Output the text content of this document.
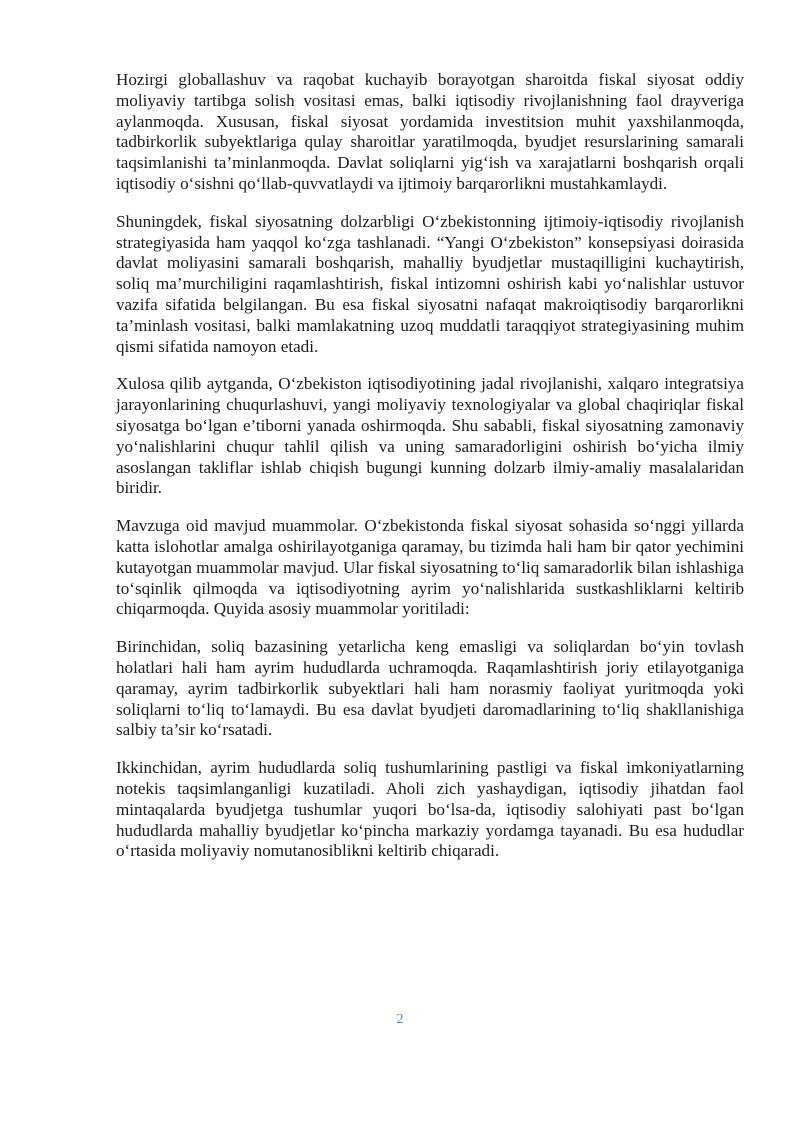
Hozirgi globallashuv va raqobat kuchayib borayotgan sharoitda fiskal siyosat oddiy moliyaviy tartibga solish vositasi emas, balki iqtisodiy rivojlanishning faol drayveriga aylanmoqda. Xususan, fiskal siyosat yordamida investitsion muhit yaxshilanmoqda, tadbirkorlik subyektlariga qulay sharoitlar yaratilmoqda, byudjet resurslarining samarali taqsimlanishi ta’minlanmoqda. Davlat soliqlarni yig‘ish va xarajatlarni boshqarish orqali iqtisodiy o‘sishni qo‘llab-quvvatlaydi va ijtimoiy barqarorlikni mustahkamlaydi.

Shuningdek, fiskal siyosatning dolzarbligi O‘zbekistonning ijtimoiy-iqtisodiy rivojlanish strategiyasida ham yaqqol ko‘zga tashlanadi. “Yangi O‘zbekiston” konsepsiyasi doirasida davlat moliyasini samarali boshqarish, mahalliy byudjetlar mustaqilligini kuchaytirish, soliq ma’murchiligini raqamlashtirish, fiskal intizomni oshirish kabi yo‘nalishlar ustuvor vazifa sifatida belgilangan. Bu esa fiskal siyosatni nafaqat makroiqtisodiy barqarorlikni ta’minlash vositasi, balki mamlakatning uzoq muddatli taraqqiyot strategiyasining muhim qismi sifatida namoyon etadi.

Xulosa qilib aytganda, O‘zbekiston iqtisodiyotining jadal rivojlanishi, xalqaro integratsiya jarayonlarining chuqurlashuvi, yangi moliyaviy texnologiyalar va global chaqiriqlar fiskal siyosatga bo‘lgan e’tiborni yanada oshirmoqda. Shu sababli, fiskal siyosatning zamonaviy yo‘nalishlarini chuqur tahlil qilish va uning samaradorligini oshirish bo‘yicha ilmiy asoslangan takliflar ishlab chiqish bugungi kunning dolzarb ilmiy-amaliy masalalaridan biridir.

Mavzuga oid mavjud muammolar. O‘zbekistonda fiskal siyosat sohasida so‘nggi yillarda katta islohotlar amalga oshirilayotganiga qaramay, bu tizimda hali ham bir qator yechimini kutayotgan muammolar mavjud. Ular fiskal siyosatning to‘liq samaradorlik bilan ishlashiga to‘sqinlik qilmoqda va iqtisodiyotning ayrim yo‘nalishlarida sustkashliklarni keltirib chiqarmoqda. Quyida asosiy muammolar yoritiladi:

Birinchidan, soliq bazasining yetarlicha keng emasligi va soliqlardan bo‘yin tovlash holatlari hali ham ayrim hududlarda uchramoqda. Raqamlashtirish joriy etilayotganiga qaramay, ayrim tadbirkorlik subyektlari hali ham norasmiy faoliyat yuritmoqda yoki soliqlarni to‘liq to‘lamaydi. Bu esa davlat byudjeti daromadlarining to‘liq shakllanishiga salbiy ta’sir ko‘rsatadi.

Ikkinchidan, ayrim hududlarda soliq tushumlarining pastligi va fiskal imkoniyatlarning notekis taqsimlanganligi kuzatiladi. Aholi zich yashaydigan, iqtisodiy jihatdan faol mintaqalarda byudjetga tushumlar yuqori bo‘lsa-da, iqtisodiy salohiyati past bo‘lgan hududlarda mahalliy byudjetlar ko‘pincha markaziy yordamga tayanadi. Bu esa hududlar o‘rtasida moliyaviy nomutanosiblikni keltirib chiqaradi.

2
